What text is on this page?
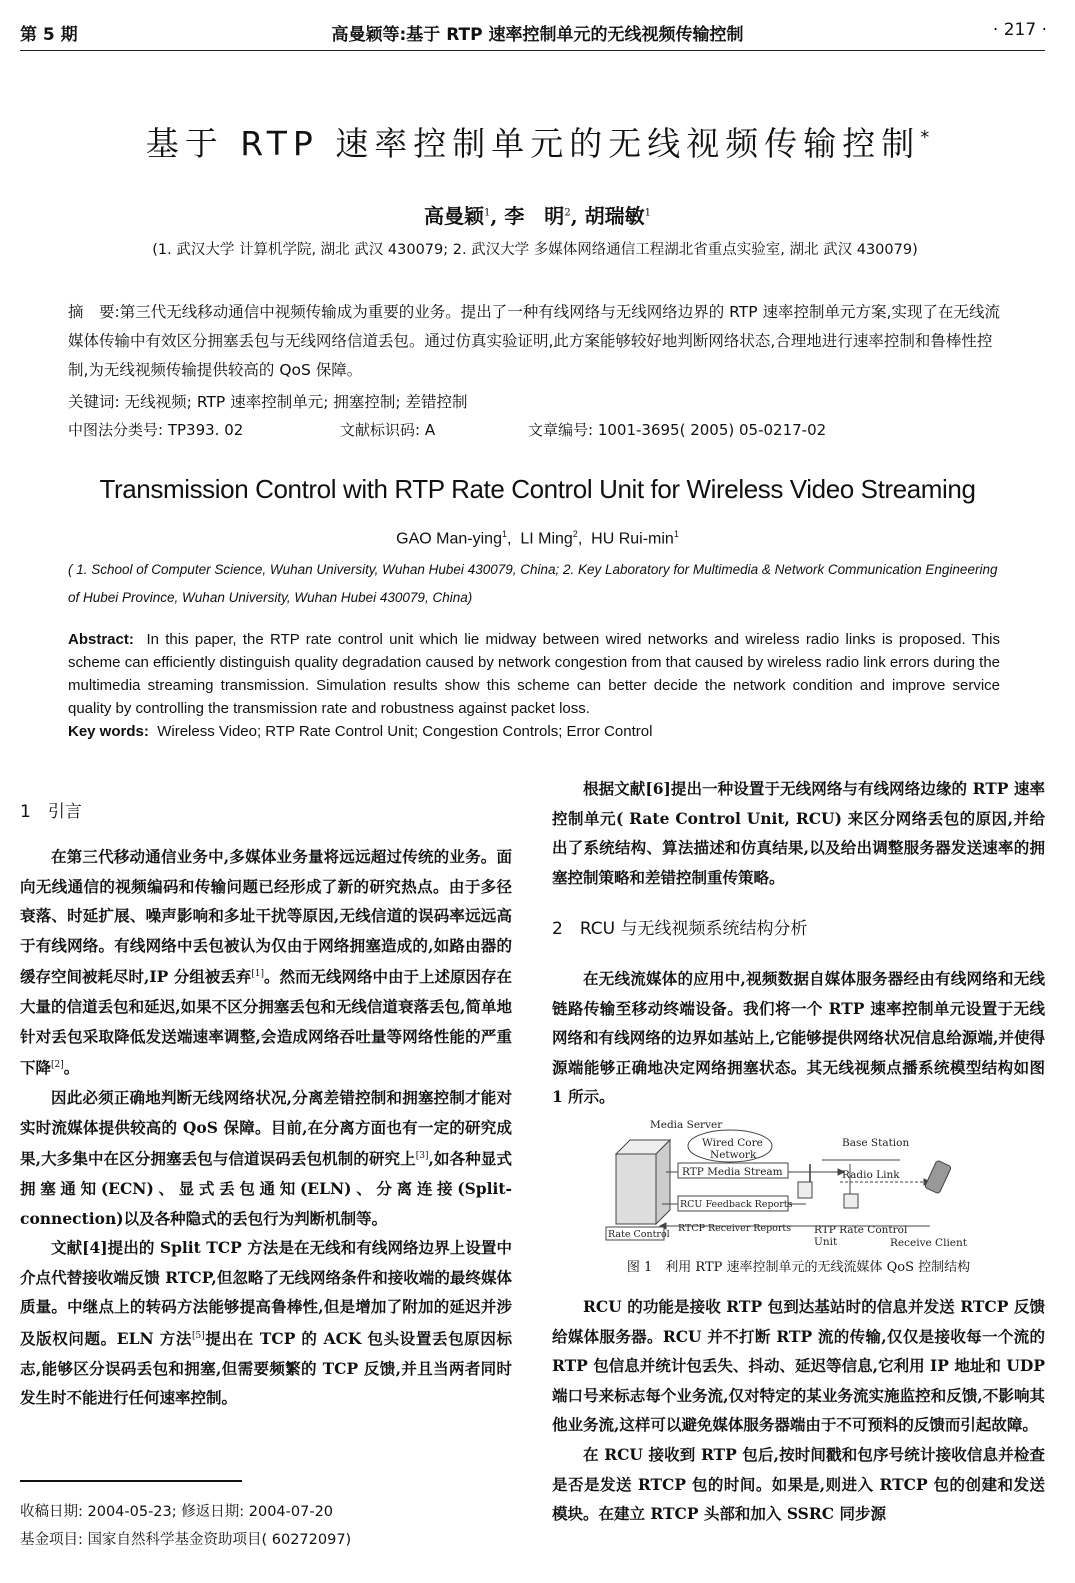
第 5 期	高曼颖等:基于 RTP 速率控制单元的无线视频传输控制	· 217 ·
基于 RTP 速率控制单元的无线视频传输控制*
高曼颖$^1$, 李　明$^2$, 胡瑞敏$^1$
(1. 武汉大学 计算机学院, 湖北 武汉 430079; 2. 武汉大学 多媒体网络通信工程湖北省重点实验室, 湖北 武汉 430079)
摘　要:第三代无线移动通信中视频传输成为重要的业务。提出了一种有线网络与无线网络边界的 RTP 速率控制单元方案,实现了在无线流媒体传输中有效区分拥塞丢包与无线网络信道丢包。通过仿真实验证明,此方案能够较好地判断网络状态,合理地进行速率控制和鲁棒性控制,为无线视频传输提供较高的 QoS 保障。
关键词: 无线视频; RTP 速率控制单元; 拥塞控制; 差错控制
中图法分类号: TP393. 02	文献标识码: A	文章编号: 1001-3695( 2005) 05-0217-02
Transmission Control with RTP Rate Control Unit for Wireless Video Streaming
GAO Man-ying$^1$,  LI Ming$^2$,  HU Rui-$\min^1$
( 1. School of Computer Science, Wuhan University, Wuhan Hubei 430079, China; 2. Key Laboratory for Multimedia & Network Communication Engineering of Hubei Province, Wuhan University, Wuhan Hubei 430079, China)
Abstract: In this paper, the RTP rate control unit which lie midway between wired networks and wireless radio links is proposed. This scheme can efficiently distinguish quality degradation caused by network congestion from that caused by wireless radio link errors during the multimedia streaming transmission. Simulation results show this scheme can better decide the network condition and improve service quality by controlling the transmission rate and robustness against packet loss.
Key words: Wireless Video; RTP Rate Control Unit; Congestion Controls; Error Control
1　引言

在第三代移动通信业务中,多媒体业务量将远远超过传统的业务。面向无线通信的视频编码和传输问题已经形成了新的研究热点。由于多径衰落、时延扩展、噪声影响和多址干扰等原因,无线信道的误码率远远高于有线网络。有线网络中丢包被认为仅由于网络拥塞造成的,如路由器的缓存空间被耗尽时,IP 分组被丢弃[1]。然而无线网络中由于上述原因存在大量的信道丢包和延迟,如果不区分拥塞丢包和无线信道衰落丢包,简单地针对丢包采取降低发送端速率调整,会造成网络吞吐量等网络性能的严重下降[2]。

因此必须正确地判断无线网络状况,分离差错控制和拥塞控制才能对实时流媒体提供较高的 QoS 保障。目前,在分离方面也有一定的研究成果,大多集中在区分拥塞丢包与信道误码丢包机制的研究上[3],如各种显式拥塞通知(ECN)、显式丢包通知(ELN)、分离连接(Split-connection)以及各种隐式的丢包行为判断机制等。

文献[4]提出的 Split TCP 方法是在无线和有线网络边界上设置中介点代替接收端反馈 RTCP,但忽略了无线网络条件和接收端的最终媒体质量。中继点上的转码方法能够提高鲁棒性,但是增加了附加的延迟并涉及版权问题。ELN 方法[5]提出在 TCP 的 ACK 包头设置丢包原因标志,能够区分误码丢包和拥塞,但需要频繁的 TCP 反馈,并且当两者同时发生时不能进行任何速率控制。

收稿日期: 2004-05-23; 修返日期: 2004-07-20
基金项目: 国家自然科学基金资助项目( 60272097)

根据文献[6]提出一种设置于无线网络与有线网络边缘的 RTP 速率控制单元( Rate Control Unit, RCU) 来区分网络丢包的原因,并给出了系统结构、算法描述和仿真结果,以及给出调整服务器发送速率的拥塞控制策略和差错控制重传策略。

2　RCU 与无线视频系统结构分析

在无线流媒体的应用中,视频数据自媒体服务器经由有线网络和无线链路传输至移动终端设备。我们将一个 RTP 速率控制单元设置于无线网络和有线网络的边界如基站上,它能够提供网络状况信息给源端,并使得源端能够正确地决定网络拥塞状态。其无线视频点播系统模型结构如图 1 所示。

Media Server
Wired Core
Network
Base Station
RTP Media Stream	Radio Link
RCU Feedback Reports
Rate Control
RTCP Receiver Reports RTP Rate Control
Unit	Receive Client
图 1　利用 RTP 速率控制单元的无线流媒体 QoS 控制结构

RCU 的功能是接收 RTP 包到达基站时的信息并发送 RTCP 反馈给媒体服务器。RCU 并不打断 RTP 流的传输,仅仅是接收每一个流的 RTP 包信息并统计包丢失、抖动、延迟等信息,它利用 IP 地址和 UDP 端口号来标志每个业务流,仅对特定的某业务流实施监控和反馈,不影响其他业务流,这样可以避免媒体服务器端由于不可预料的反馈而引起故障。

在 RCU 接收到 RTP 包后,按时间戳和包序号统计接收信息并检查是否是发送 RTCP 包的时间。如果是,则进入 RTCP 包的创建和发送模块。在建立 RTCP 头部和加入 SSRC 同步源
